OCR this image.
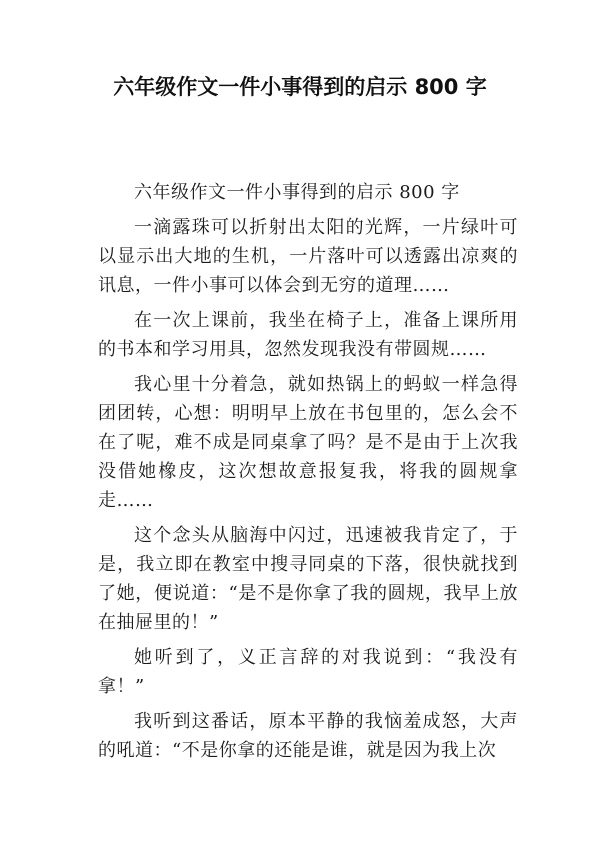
六年级作文一件小事得到的启示 800 字

六年级作文一件小事得到的启示 800 字

一滴露珠可以折射出太阳的光辉，一片绿叶可以显示出大地的生机，一片落叶可以透露出凉爽的讯息，一件小事可以体会到无穷的道理……

在一次上课前，我坐在椅子上，准备上课所用的书本和学习用具，忽然发现我没有带圆规……

我心里十分着急，就如热锅上的蚂蚁一样急得团团转，心想：明明早上放在书包里的，怎么会不在了呢，难不成是同桌拿了吗？是不是由于上次我没借她橡皮，这次想故意报复我，将我的圆规拿走……

这个念头从脑海中闪过，迅速被我肯定了，于是，我立即在教室中搜寻同桌的下落，很快就找到了她，便说道：“是不是你拿了我的圆规，我早上放在抽屉里的！”

她听到了，义正言辞的对我说到：“我没有拿！”

我听到这番话，原本平静的我恼羞成怒，大声的吼道：“不是你拿的还能是谁，就是因为我上次
